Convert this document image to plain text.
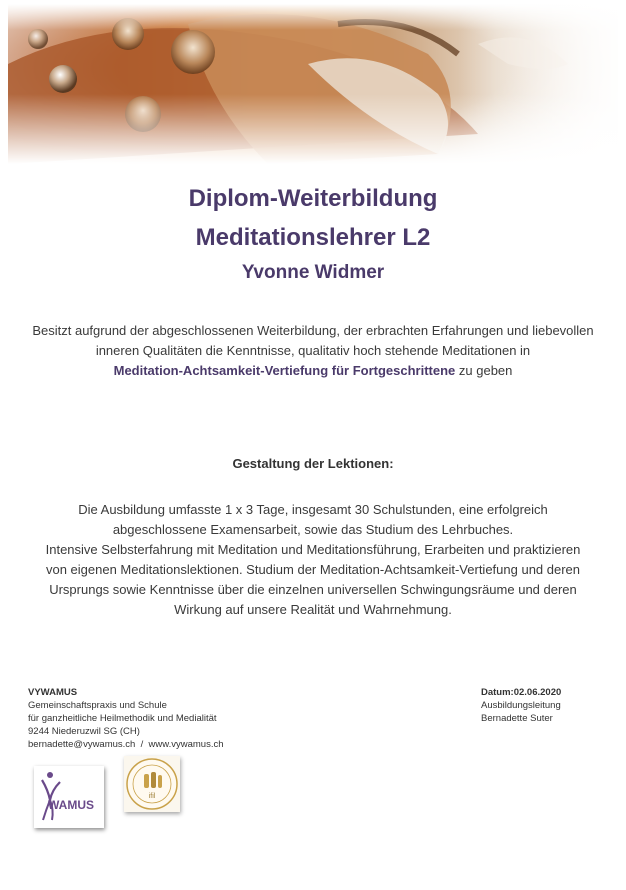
Diplom-Weiterbildung
Meditationslehrer L2
Yvonne Widmer
Besitzt aufgrund der abgeschlossenen Weiterbildung, der erbrachten Erfahrungen und liebevollen inneren Qualitäten die Kenntnisse, qualitativ hoch stehende Meditationen in
Meditation-Achtsamkeit-Vertiefung für Fortgeschrittene zu geben
Gestaltung der Lektionen:
Die Ausbildung umfasste 1 x 3 Tage, insgesamt 30 Schulstunden, eine erfolgreich
abgeschlossene Examensarbeit, sowie das Studium des Lehrbuches.
Intensive Selbsterfahrung mit Meditation und Meditationsführung, Erarbeiten und praktizieren
von eigenen Meditationslektionen. Studium der Meditation-Achtsamkeit-Vertiefung und deren
Ursprungs sowie Kenntnisse über die einzelnen universellen Schwingungsräume und deren
Wirkung auf unsere Realität und Wahrnehmung.
VYWAMUS
Gemeinschaftspraxis und Schule
für ganzheitliche Heilmethodik und Medialität
9244 Niederuzwil SG (CH)
bernadette@vywamus.ch / www.vywamus.ch
Datum:02.06.2020
Ausbildungsleitung
Bernadette Suter
WAMUS
ifil
